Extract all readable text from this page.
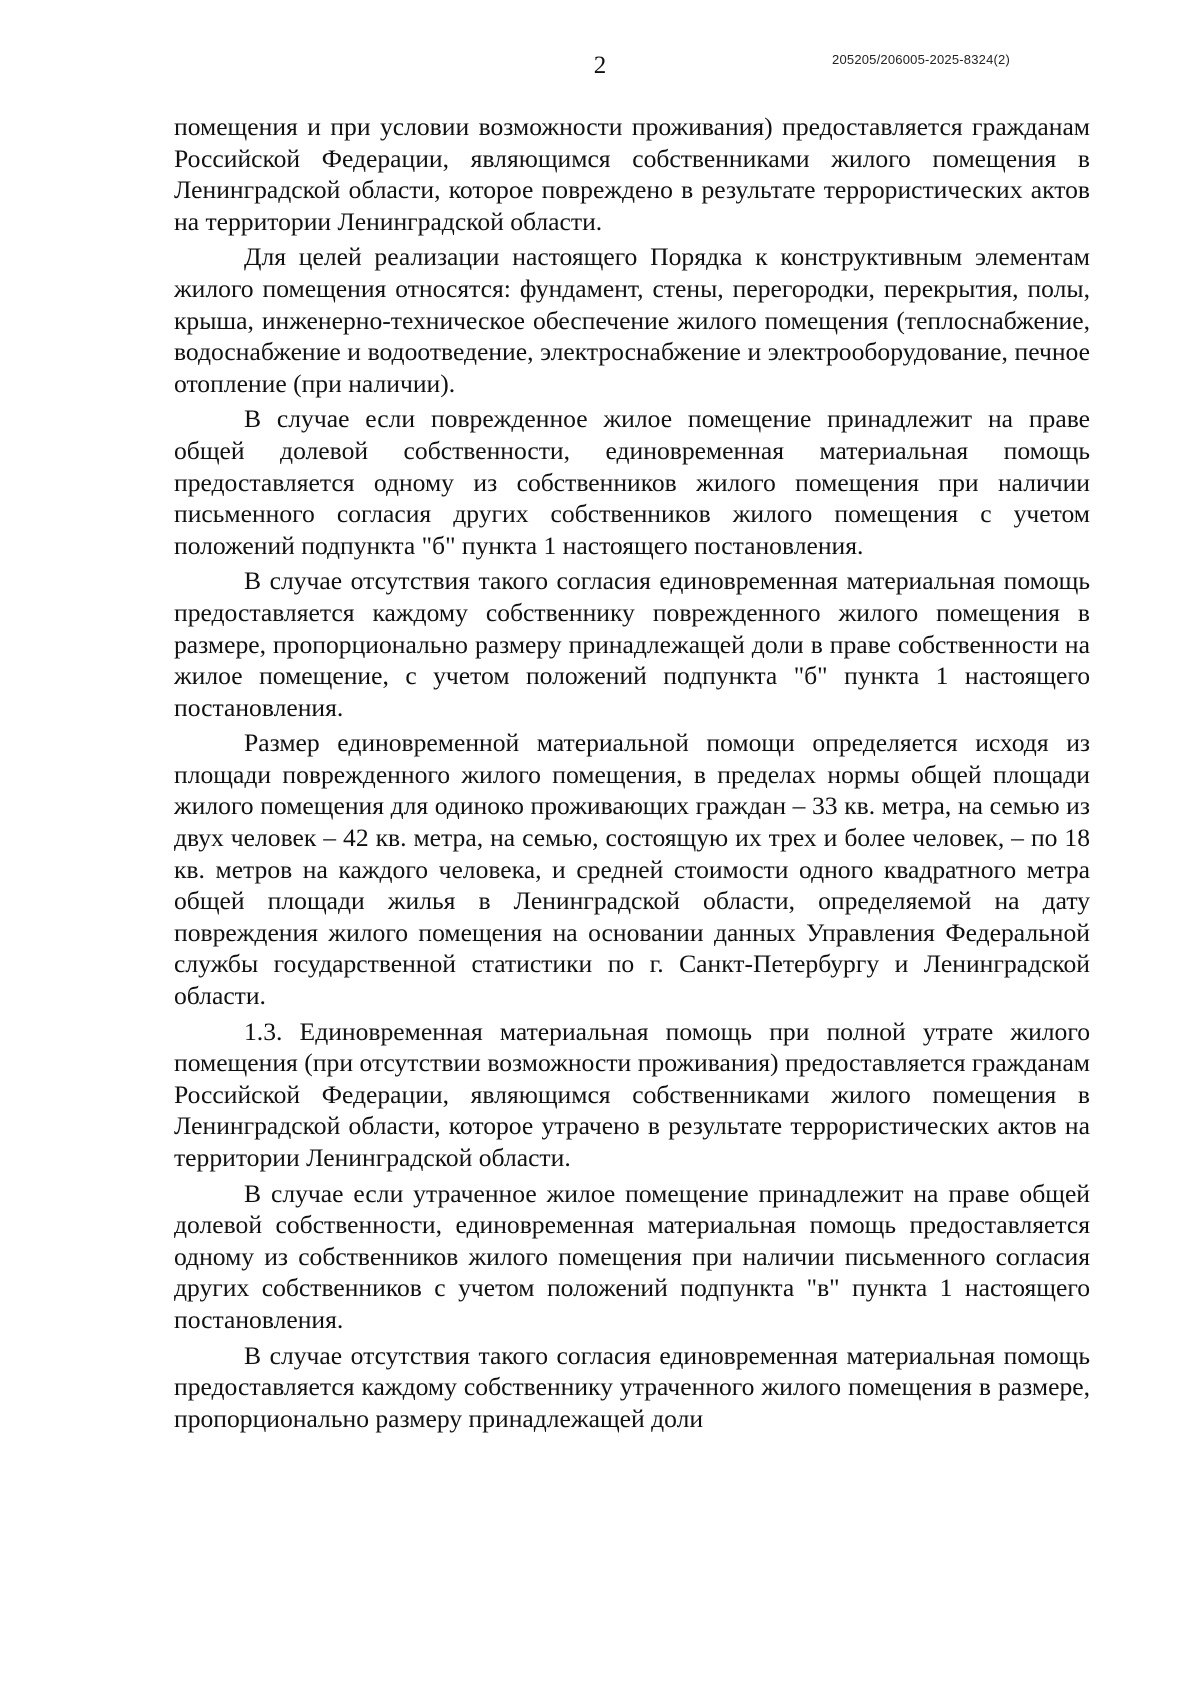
2	205205/206005-2025-8324(2)

помещения и при условии возможности проживания) предоставляется гражданам Российской Федерации, являющимся собственниками жилого помещения в Ленинградской области, которое повреждено в результате террористических актов на территории Ленинградской области.

Для целей реализации настоящего Порядка к конструктивным элементам жилого помещения относятся: фундамент, стены, перегородки, перекрытия, полы, крыша, инженерно-техническое обеспечение жилого помещения (теплоснабжение, водоснабжение и водоотведение, электроснабжение и электрооборудование, печное отопление (при наличии).

В случае если поврежденное жилое помещение принадлежит на праве общей долевой собственности, единовременная материальная помощь предоставляется одному из собственников жилого помещения при наличии письменного согласия других собственников жилого помещения с учетом положений подпункта "б" пункта 1 настоящего постановления.

В случае отсутствия такого согласия единовременная материальная помощь предоставляется каждому собственнику поврежденного жилого помещения в размере, пропорционально размеру принадлежащей доли в праве собственности на жилое помещение, с учетом положений подпункта "б" пункта 1 настоящего постановления.

Размер единовременной материальной помощи определяется исходя из площади поврежденного жилого помещения, в пределах нормы общей площади жилого помещения для одиноко проживающих граждан – 33 кв. метра, на семью из двух человек – 42 кв. метра, на семью, состоящую их трех и более человек, – по 18 кв. метров на каждого человека, и средней стоимости одного квадратного метра общей площади жилья в Ленинградской области, определяемой на дату повреждения жилого помещения на основании данных Управления Федеральной службы государственной статистики по г. Санкт-Петербургу и Ленинградской области.

1.3. Единовременная материальная помощь при полной утрате жилого помещения (при отсутствии возможности проживания) предоставляется гражданам Российской Федерации, являющимся собственниками жилого помещения в Ленинградской области, которое утрачено в результате террористических актов на территории Ленинградской области.

В случае если утраченное жилое помещение принадлежит на праве общей долевой собственности, единовременная материальная помощь предоставляется одному из собственников жилого помещения при наличии письменного согласия других собственников с учетом положений подпункта "в" пункта 1 настоящего постановления.

В случае отсутствия такого согласия единовременная материальная помощь предоставляется каждому собственнику утраченного жилого помещения в размере, пропорционально размеру принадлежащей доли
